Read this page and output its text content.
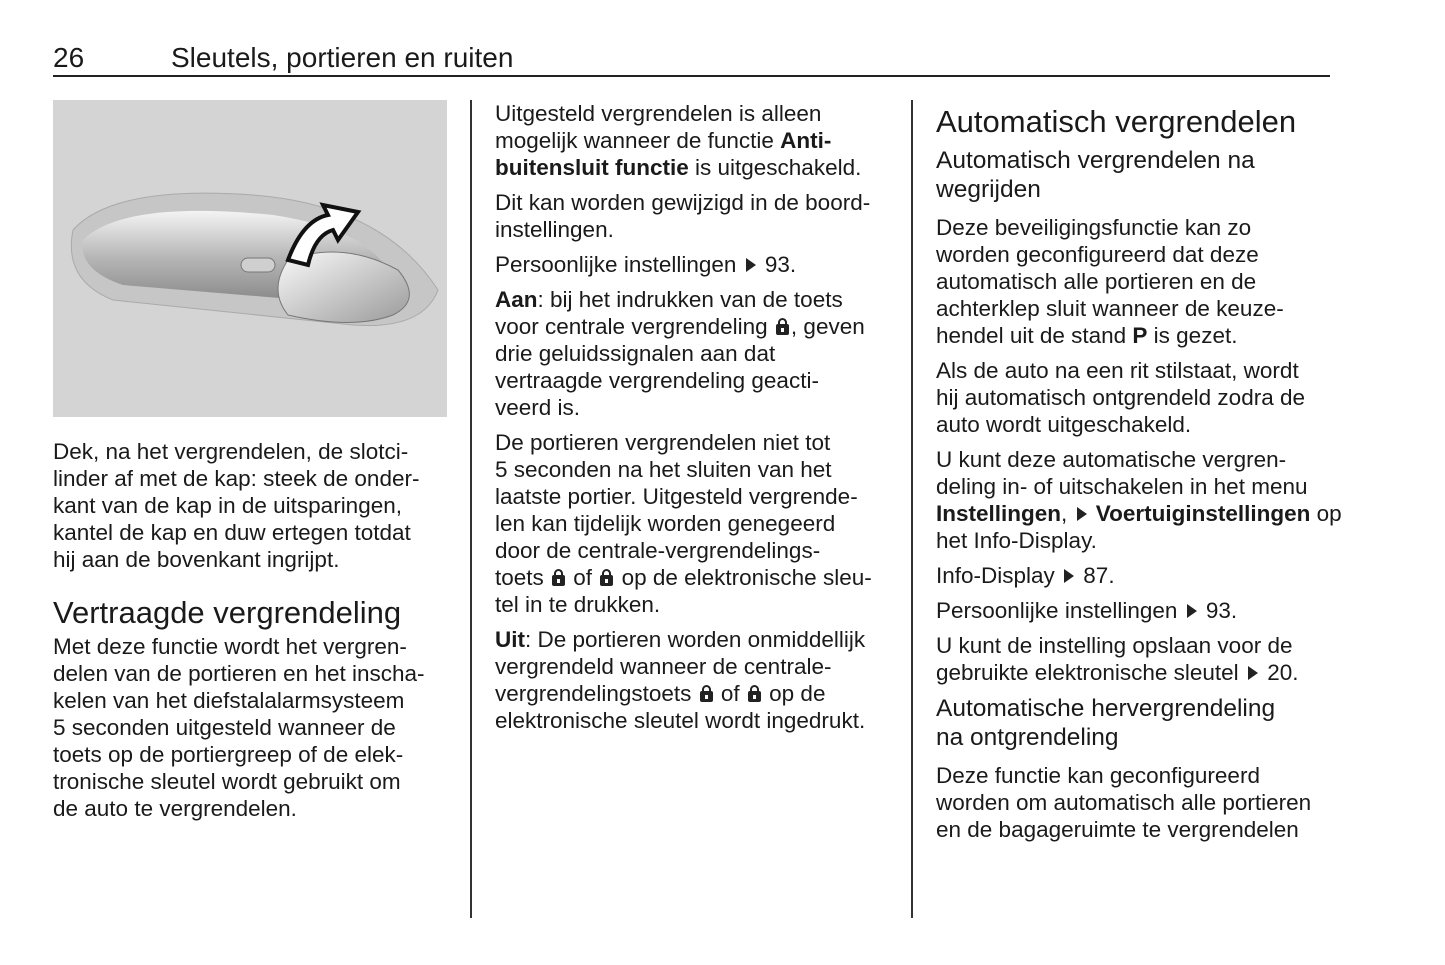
26	Sleutels, portieren en ruiten
Dek, na het vergrendelen, de slotci-
linder af met de kap: steek de onder-
kant van de kap in de uitsparingen,
kantel de kap en duw ertegen totdat
hij aan de bovenkant ingrijpt.
Vertraagde vergrendeling
Met deze functie wordt het vergren-
delen van de portieren en het inscha-
kelen van het diefstalalarmsysteem
5 seconden uitgesteld wanneer de
toets op de portiergreep of de elek-
tronische sleutel wordt gebruikt om
de auto te vergrendelen.
Uitgesteld vergrendelen is alleen
mogelijk wanneer de functie Anti-
buitensluit functie is uitgeschakeld.
Dit kan worden gewijzigd in de boord-
instellingen.
Persoonlijke instellingen  93.
Aan: bij het indrukken van de toets
voor centrale vergrendeling , geven
drie geluidssignalen aan dat
vertraagde vergrendeling geacti-
veerd is.
De portieren vergrendelen niet tot
5 seconden na het sluiten van het
laatste portier. Uitgesteld vergrende-
len kan tijdelijk worden genegeerd
door de centrale-vergrendelings-
toets  of  op de elektronische sleu-
tel in te drukken.
Uit: De portieren worden onmiddellijk
vergrendeld wanneer de centrale-
vergrendelingstoets  of  op de
elektronische sleutel wordt ingedrukt.
Automatisch vergrendelen
Automatisch vergrendelen na
wegrijden
Deze beveiligingsfunctie kan zo
worden geconfigureerd dat deze
automatisch alle portieren en de
achterklep sluit wanneer de keuze-
hendel uit de stand P is gezet.
Als de auto na een rit stilstaat, wordt
hij automatisch ontgrendeld zodra de
auto wordt uitgeschakeld.
U kunt deze automatische vergren-
deling in- of uitschakelen in het menu
Instellingen,  Voertuiginstellingen op
het Info-Display.
Info-Display  87.
Persoonlijke instellingen  93.
U kunt de instelling opslaan voor de
gebruikte elektronische sleutel  20.
Automatische hervergrendeling
na ontgrendeling
Deze functie kan geconfigureerd
worden om automatisch alle portieren
en de bagageruimte te vergrendelen
